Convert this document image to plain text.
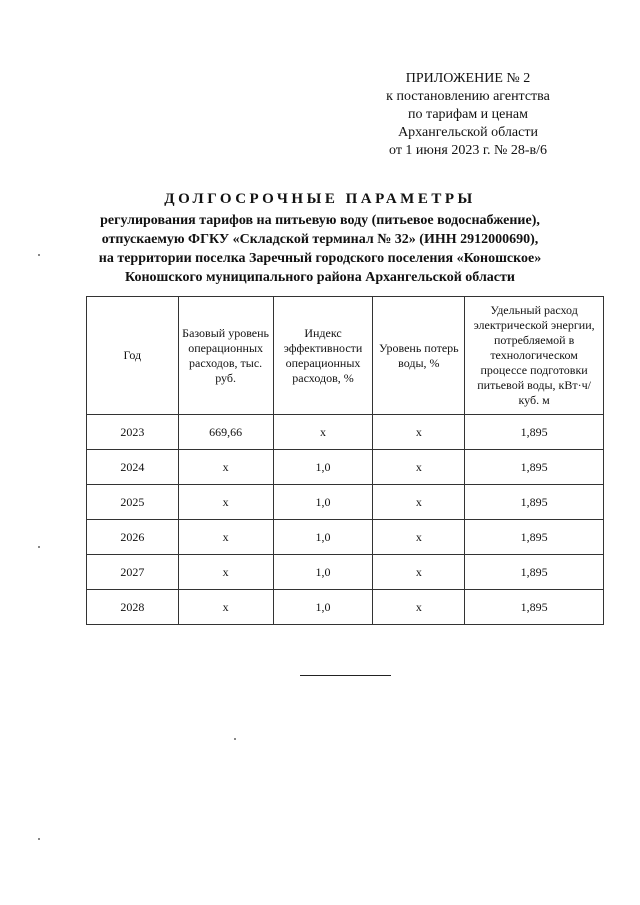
ПРИЛОЖЕНИЕ № 2
к постановлению агентства
по тарифам и ценам
Архангельской области
от 1 июня 2023 г. № 28-в/6
ДОЛГОСРОЧНЫЕ ПАРАМЕТРЫ
регулирования тарифов на питьевую воду (питьевое водоснабжение),
отпускаемую ФГКУ «Складской терминал № 32» (ИНН 2912000690),
на территории поселка Заречный городского поселения «Коношское»
Коношского муниципального района Архангельской области
Год	Базовый уровень операционных расходов, тыс. руб.	Индекс эффективности операционных расходов, %	Уровень потерь воды, %	Удельный расход электрической энергии, потребляемой в технологическом процессе подготовки питьевой воды, кВт·ч/куб. м
2023	669,66	x	x	1,895
2024	x	1,0	x	1,895
2025	x	1,0	x	1,895
2026	x	1,0	x	1,895
2027	x	1,0	x	1,895
2028	x	1,0	x	1,895
